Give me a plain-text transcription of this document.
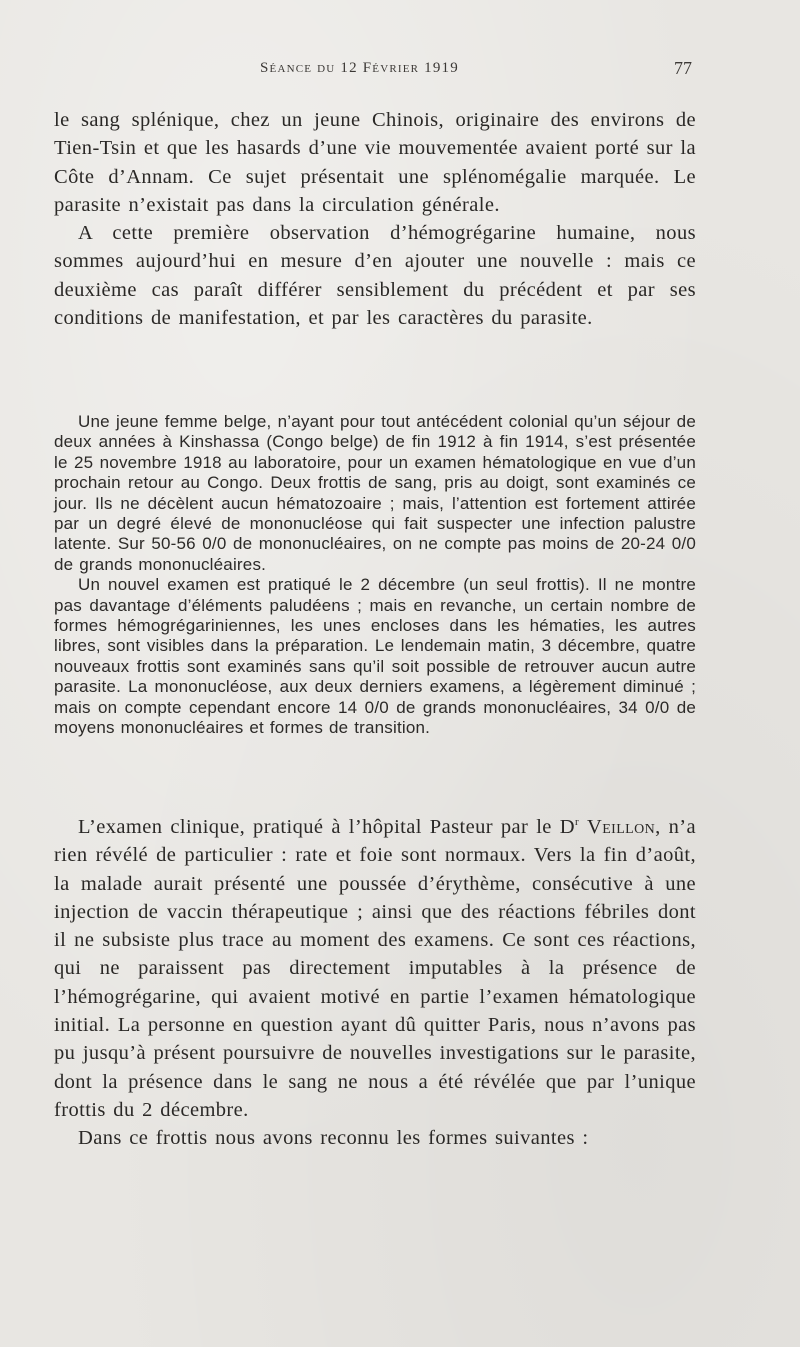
Séance du 12 Février 1919	77

le sang splénique, chez un jeune Chinois, originaire des environs de Tien-Tsin et que les hasards d’une vie mouvementée avaient porté sur la Côte d’Annam. Ce sujet présentait une splénomégalie marquée. Le parasite n’existait pas dans la circulation générale.

A cette première observation d’hémogrégarine humaine, nous sommes aujourd’hui en mesure d’en ajouter une nouvelle : mais ce deuxième cas paraît différer sensiblement du précédent et par ses conditions de manifestation, et par les caractères du parasite.

Une jeune femme belge, n’ayant pour tout antécédent colonial qu’un séjour de deux années à Kinshassa (Congo belge) de fin 1912 à fin 1914, s’est présentée le 25 novembre 1918 au laboratoire, pour un examen hématologique en vue d’un prochain retour au Congo. Deux frottis de sang, pris au doigt, sont examinés ce jour. Ils ne décèlent aucun hématozoaire ; mais, l’attention est fortement attirée par un degré élevé de mononucléose qui fait suspecter une infection palustre latente. Sur 50-56 0/0 de mononucléaires, on ne compte pas moins de 20-24 0/0 de grands mononucléaires.

Un nouvel examen est pratiqué le 2 décembre (un seul frottis). Il ne montre pas davantage d’éléments paludéens ; mais en revanche, un certain nombre de formes hémogrégariniennes, les unes encloses dans les hématies, les autres libres, sont visibles dans la préparation. Le lendemain matin, 3 décembre, quatre nouveaux frottis sont examinés sans qu’il soit possible de retrouver aucun autre parasite. La mononucléose, aux deux derniers examens, a légèrement diminué ; mais on compte cependant encore 14 0/0 de grands mononucléaires, 34 0/0 de moyens mononucléaires et formes de transition.

L’examen clinique, pratiqué à l’hôpital Pasteur par le $D^r$ Veillon, n’a rien révélé de particulier : rate et foie sont normaux. Vers la fin d’août, la malade aurait présenté une poussée d’érythème, consécutive à une injection de vaccin thérapeutique ; ainsi que des réactions fébriles dont il ne subsiste plus trace au moment des examens. Ce sont ces réactions, qui ne paraissent pas directement imputables à la présence de l’hémogrégarine, qui avaient motivé en partie l’examen hématologique initial. La personne en question ayant dû quitter Paris, nous n’avons pas pu jusqu’à présent poursuivre de nouvelles investigations sur le parasite, dont la présence dans le sang ne nous a été révélée que par l’unique frottis du 2 décembre.

Dans ce frottis nous avons reconnu les formes suivantes :
